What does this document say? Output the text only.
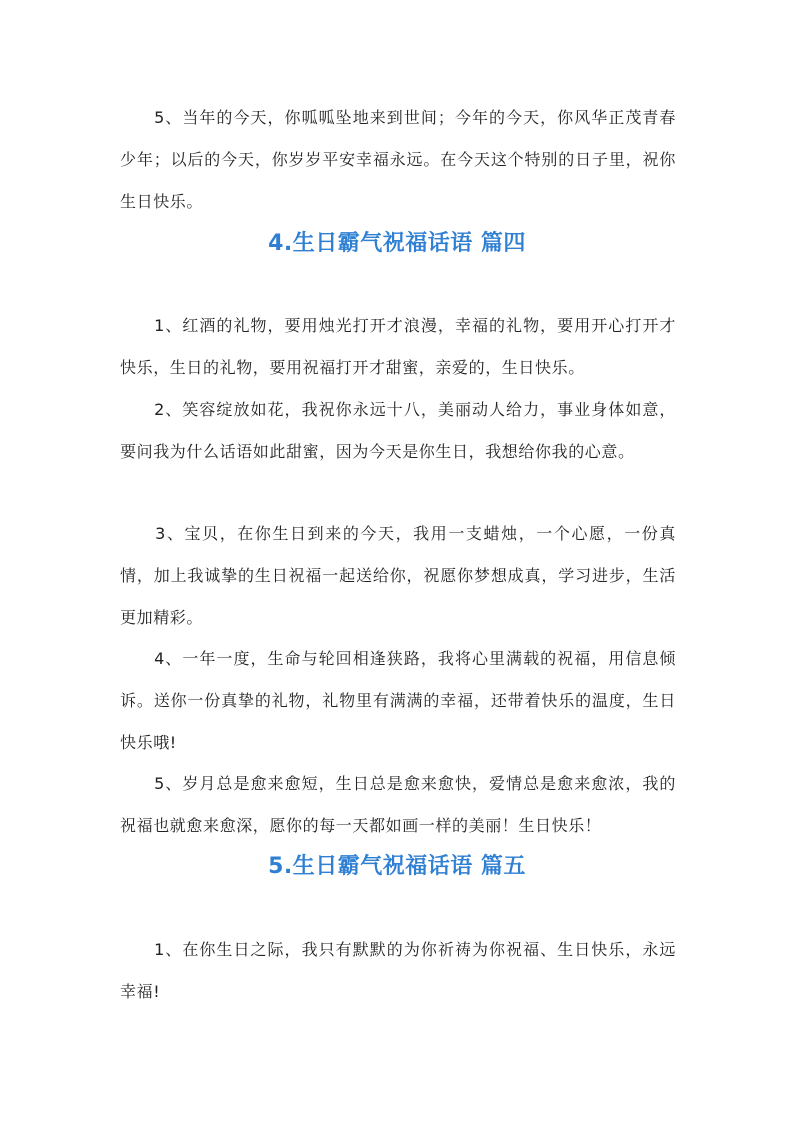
　　5、当年的今天，你呱呱坠地来到世间；今年的今天，你风华正茂青春少年；以后的今天，你岁岁平安幸福永远。在今天这个特别的日子里，祝你生日快乐。

4.生日霸气祝福话语 篇四

　　1、红酒的礼物，要用烛光打开才浪漫，幸福的礼物，要用开心打开才快乐，生日的礼物，要用祝福打开才甜蜜，亲爱的，生日快乐。

　　2、笑容绽放如花，我祝你永远十八，美丽动人给力，事业身体如意，要问我为什么话语如此甜蜜，因为今天是你生日，我想给你我的心意。

　　3、宝贝，在你生日到来的今天，我用一支蜡烛，一个心愿，一份真情，加上我诚挚的生日祝福一起送给你，祝愿你梦想成真，学习进步，生活更加精彩。

　　4、一年一度，生命与轮回相逢狭路，我将心里满载的祝福，用信息倾诉。送你一份真挚的礼物，礼物里有满满的幸福，还带着快乐的温度，生日快乐哦!

　　5、岁月总是愈来愈短，生日总是愈来愈快，爱情总是愈来愈浓，我的祝福也就愈来愈深，愿你的每一天都如画一样的美丽！生日快乐！

5.生日霸气祝福话语 篇五

　　1、在你生日之际，我只有默默的为你祈祷为你祝福、生日快乐，永远幸福!
